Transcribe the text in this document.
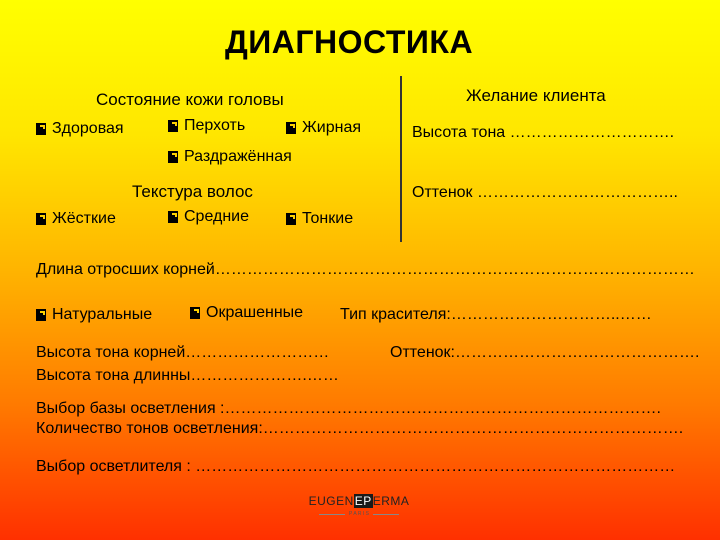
ДИАГНОСТИКА
Состояние кожи головы	Желание клиента
Здоровая	Перхоть	Жирная	Высота тона ………………………….
Раздражённая
Текстура волос	Оттенок ………………………………..
Жёсткие	Средние	Тонкие
Длина отросших корней………………………………………………………………………………
Натуральные	Окрашенные Тип красителя:…………………………..……
Высота тона корней………………………	Оттенок:……………………………………….
Высота тона длинны………………….……
Выбор базы осветления :……………………………………………………………………….
Количество тонов осветления:…………………………………………………………………….
Выбор осветлителя : ………………………………………………………………………………
EUGEN EP ERMA
P A R I S
